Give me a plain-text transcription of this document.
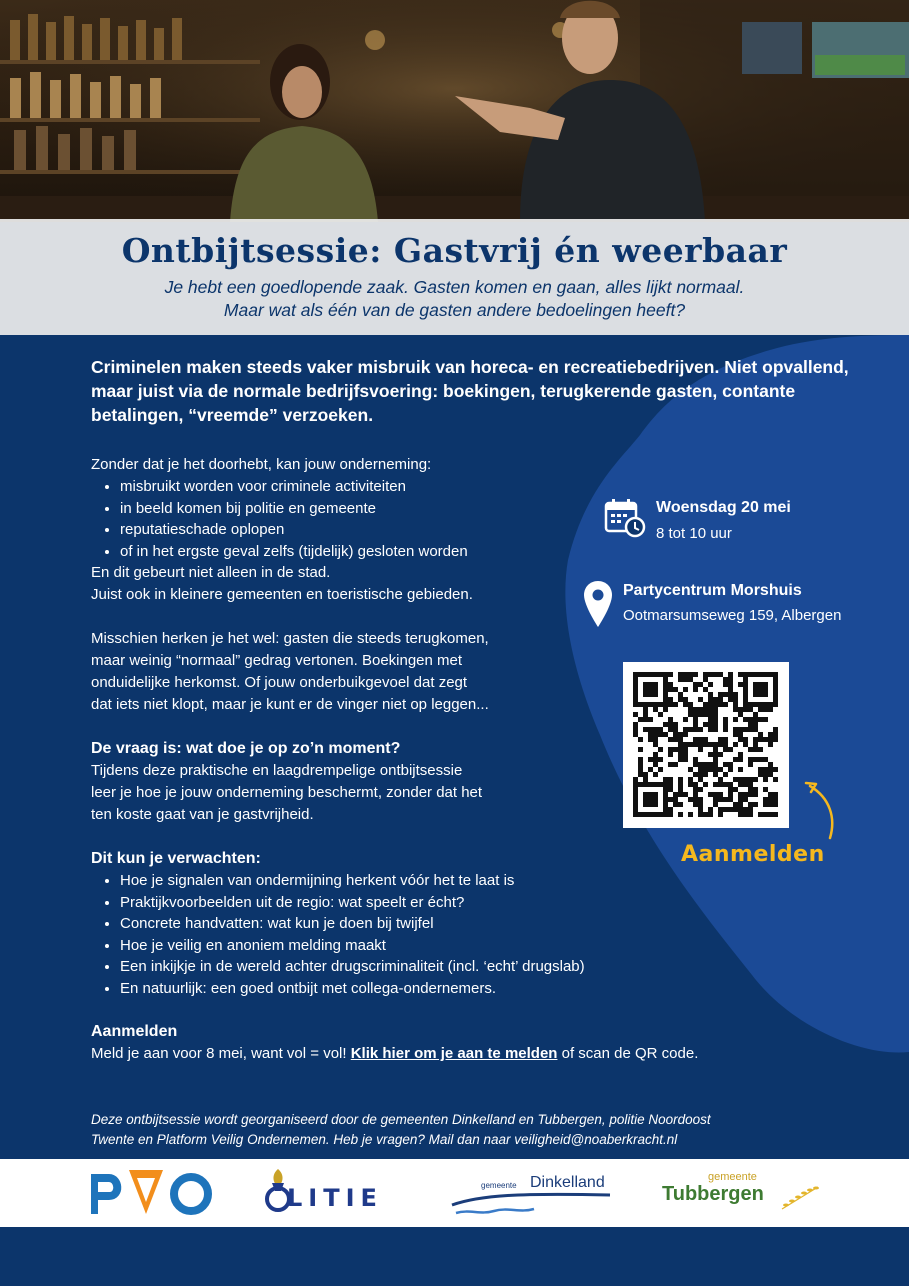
Ontbijtsessie: Gastvrij én weerbaar

Je hebt een goedlopende zaak. Gasten komen en gaan, alles lijkt normaal.
Maar wat als één van de gasten andere bedoelingen heeft?

Criminelen maken steeds vaker misbruik van horeca- en recreatiebedrijven. Niet opvallend, maar juist via de normale bedrijfsvoering: boekingen, terugkerende gasten, contante betalingen, “vreemde” verzoeken.

Zonder dat je het doorhebt, kan jouw onderneming:

• misbruikt worden voor criminele activiteiten
• in beeld komen bij politie en gemeente
• reputatieschade oplopen
• of in het ergste geval zelfs (tijdelijk) gesloten worden

En dit gebeurt niet alleen in de stad.

Juist ook in kleinere gemeenten en toeristische gebieden.

Misschien herken je het wel: gasten die steeds terugkomen,

maar weinig “normaal” gedrag vertonen. Boekingen met

onduidelijke herkomst. Of jouw onderbuikgevoel dat zegt

dat iets niet klopt, maar je kunt er de vinger niet op leggen...

De vraag is: wat doe je op zo’n moment?

Tijdens deze praktische en laagdrempelige ontbijtsessie

leer je hoe je jouw onderneming beschermt, zonder dat het

ten koste gaat van je gastvrijheid.

Dit kun je verwachten:

• Hoe je signalen van ondermijning herkent vóór het te laat is
• Praktijkvoorbeelden uit de regio: wat speelt er écht?
• Concrete handvatten: wat kun je doen bij twijfel
• Hoe je veilig en anoniem melding maakt
• Een inkijkje in de wereld achter drugscriminaliteit (incl. ‘echt’ drugslab)
• En natuurlijk: een goed ontbijt met collega-ondernemers.

Aanmelden

Meld je aan voor 8 mei, want vol = vol! Klik hier om je aan te melden of scan de QR code.

Deze ontbijtsessie wordt georganiseerd door de gemeenten Dinkelland en Tubbergen, politie Noordoost
Twente en Platform Veilig Ondernemen. Heb je vragen? Mail dan naar veiligheid@noaberkracht.nl
Woensdag 20 mei
8 tot 10 uur
Partycentrum Morshuis
Ootmarsumseweg 159, Albergen
Aanmelden
LITIE	gemeente Dinkelland	gemeente
Tubbergen
